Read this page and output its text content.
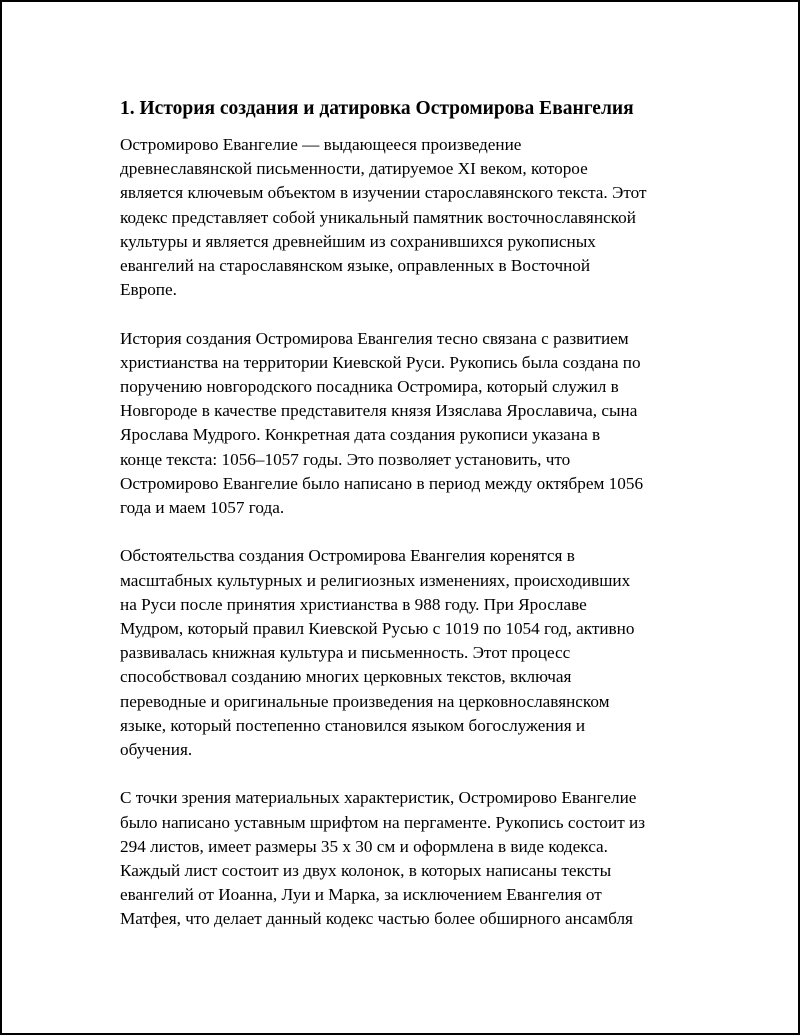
1. История создания и датировка Остромирова Евангелия
Остромирово Евангелие — выдающееся произведение
древнеславянской письменности, датируемое XI веком, которое
является ключевым объектом в изучении старославянского текста. Этот
кодекс представляет собой уникальный памятник восточнославянской
культуры и является древнейшим из сохранившихся рукописных
евангелий на старославянском языке, оправленных в Восточной
Европе.
История создания Остромирова Евангелия тесно связана с развитием
христианства на территории Киевской Руси. Рукопись была создана по
поручению новгородского посадника Остромира, который служил в
Новгороде в качестве представителя князя Изяслава Ярославича, сына
Ярослава Мудрого. Конкретная дата создания рукописи указана в
конце текста: 1056–1057 годы. Это позволяет установить, что
Остромирово Евангелие было написано в период между октябрем 1056
года и маем 1057 года.
Обстоятельства создания Остромирова Евангелия коренятся в
масштабных культурных и религиозных изменениях, происходивших
на Руси после принятия христианства в 988 году. При Ярославе
Мудром, который правил Киевской Русью с 1019 по 1054 год, активно
развивалась книжная культура и письменность. Этот процесс
способствовал созданию многих церковных текстов, включая
переводные и оригинальные произведения на церковнославянском
языке, который постепенно становился языком богослужения и
обучения.
С точки зрения материальных характеристик, Остромирово Евангелие
было написано уставным шрифтом на пергаменте. Рукопись состоит из
294 листов, имеет размеры 35 x 30 см и оформлена в виде кодекса.
Каждый лист состоит из двух колонок, в которых написаны тексты
евангелий от Иоанна, Луи и Марка, за исключением Евангелия от
Матфея, что делает данный кодекс частью более обширного ансамбля
